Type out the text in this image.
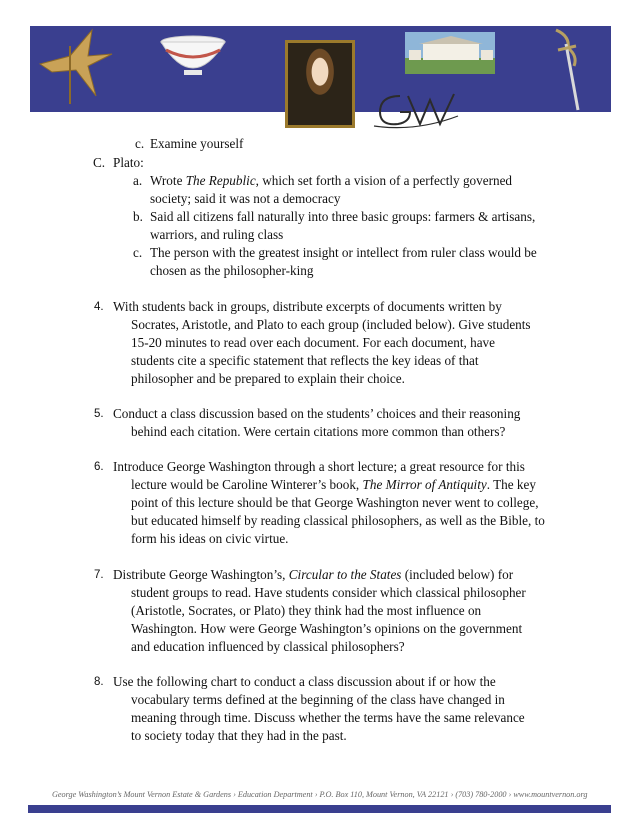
c. Examine yourself
C. Plato:
a. Wrote The Republic, which set forth a vision of a perfectly governed
society; said it was not a democracy
b. Said all citizens fall naturally into three basic groups: farmers & artisans,
warriors, and ruling class
c. The person with the greatest insight or intellect from ruler class would be
chosen as the philosopher-king
4. With students back in groups, distribute excerpts of documents written by
Socrates, Aristotle, and Plato to each group (included below). Give students
15-20 minutes to read over each document. For each document, have
students cite a specific statement that reflects the key ideas of that
philosopher and be prepared to explain their choice.
5. Conduct a class discussion based on the students’ choices and their reasoning
behind each citation. Were certain citations more common than others?
6. Introduce George Washington through a short lecture; a great resource for this
lecture would be Caroline Winterer’s book, The Mirror of Antiquity. The key
point of this lecture should be that George Washington never went to college,
but educated himself by reading classical philosophers, as well as the Bible, to
form his ideas on civic virtue.
7. Distribute George Washington’s, Circular to the States (included below) for
student groups to read. Have students consider which classical philosopher
(Aristotle, Socrates, or Plato) they think had the most influence on
Washington. How were George Washington’s opinions on the government
and education influenced by classical philosophers?
8. Use the following chart to conduct a class discussion about if or how the
vocabulary terms defined at the beginning of the class have changed in
meaning through time. Discuss whether the terms have the same relevance
to society today that they had in the past.
George Washington’s Mount Vernon Estate & Gardens › Education Department › P.O. Box 110, Mount Vernon, VA 22121 › (703) 780-2000 › www.mountvernon.org
